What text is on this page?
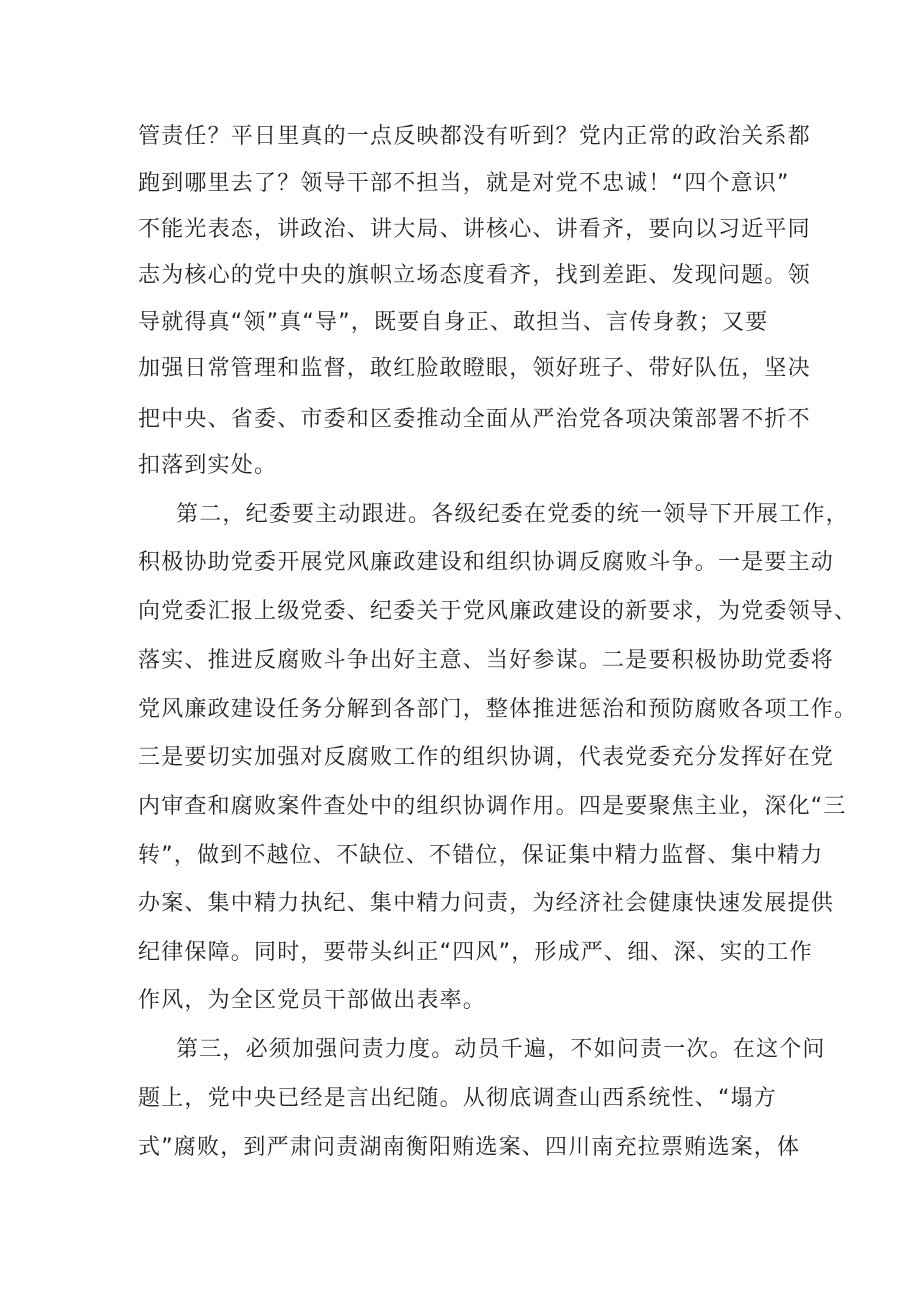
管责任？平日里真的一点反映都没有听到？党内正常的政治关系都
跑到哪里去了？领导干部不担当，就是对党不忠诚！“四个意识”
不能光表态，讲政治、讲大局、讲核心、讲看齐，要向以习近平同
志为核心的党中央的旗帜立场态度看齐，找到差距、发现问题。领
导就得真“领”真“导”，既要自身正、敢担当、言传身教；又要
加强日常管理和监督，敢红脸敢瞪眼，领好班子、带好队伍，坚决
把中央、省委、市委和区委推动全面从严治党各项决策部署不折不
扣落到实处。
第二，纪委要主动跟进。各级纪委在党委的统一领导下开展工作，
积极协助党委开展党风廉政建设和组织协调反腐败斗争。一是要主动
向党委汇报上级党委、纪委关于党风廉政建设的新要求，为党委领导、
落实、推进反腐败斗争出好主意、当好参谋。二是要积极协助党委将
党风廉政建设任务分解到各部门，整体推进惩治和预防腐败各项工作。
三是要切实加强对反腐败工作的组织协调，代表党委充分发挥好在党
内审查和腐败案件查处中的组织协调作用。四是要聚焦主业，深化“三
转”，做到不越位、不缺位、不错位，保证集中精力监督、集中精力
办案、集中精力执纪、集中精力问责，为经济社会健康快速发展提供
纪律保障。同时，要带头纠正“四风”，形成严、细、深、实的工作
作风，为全区党员干部做出表率。
第三，必须加强问责力度。动员千遍，不如问责一次。在这个问
题上，党中央已经是言出纪随。从彻底调查山西系统性、“塌方
式”腐败，到严肃问责湖南衡阳贿选案、四川南充拉票贿选案，体
